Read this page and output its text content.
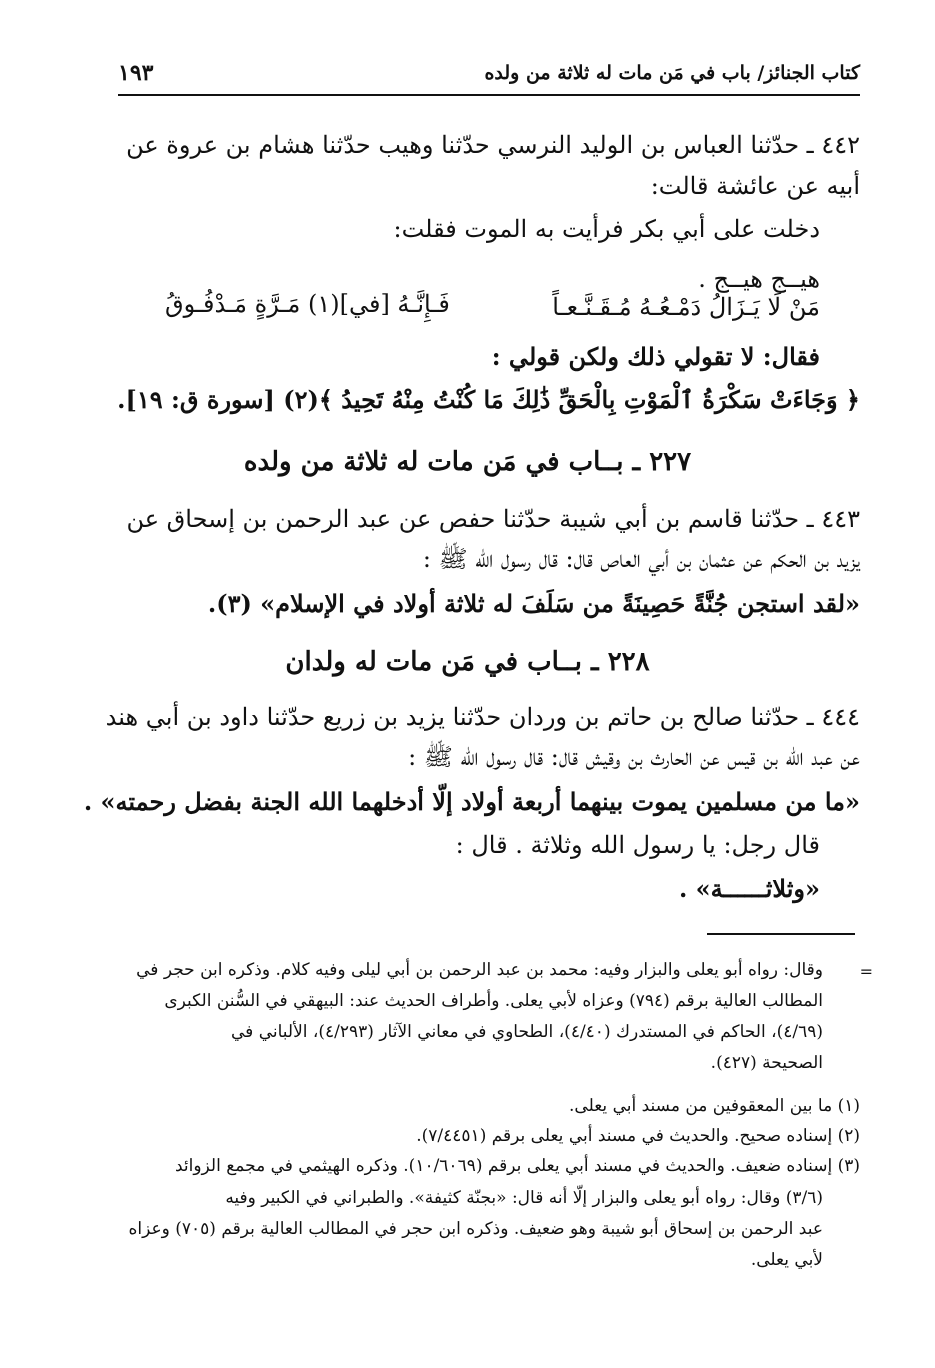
كتاب الجنائز/ باب في مَن مات له ثلاثة من ولده
١٩٣
٤٤٢ ـ حدّثنا العباس بن الوليد النرسي حدّثنا وهيب حدّثنا هشام بن عروة عن
أبيه عن عائشة قالت:
دخلت على أبي بكر فرأيت به الموت فقلت:
هيــج هيــج .
مَنْ لَا يَـزَالُ دَمْـعُـهُ مُـقَـنَّـعـاً
فَـإِنَّـهُ [في](١) مَـرَّةٍ مَـدْفُـوقُ
فقال: لا تقولي ذلك ولكن قولي :
﴿ وَجَاءَتْ سَكْرَةُ ٱلْمَوْتِ بِالْحَقِّ ذَٰلِكَ مَا كُنْتُ مِنْهُ تَحِيدُ ﴾(٢) [سورة ق: ١٩].
٢٢٧ ـ بــاب في مَن مات له ثلاثة من ولده
٤٤٣ ـ حدّثنا قاسم بن أبي شيبة حدّثنا حفص عن عبد الرحمن بن إسحاق عن
يزيد بن الحكم عن عثمان بن أبي العاص قال: قال رسول الله ﷺ :
«لقد استجن جُنَّةً حَصِينَةً من سَلَفَ له ثلاثة أولاد في الإسلام» (٣).
٢٢٨ ـ بــاب في مَن مات له ولدان
٤٤٤ ـ حدّثنا صالح بن حاتم بن وردان حدّثنا يزيد بن زريع حدّثنا داود بن أبي هند
عن عبد الله بن قيس عن الحارث بن وقيش قال: قال رسول الله ﷺ :
«ما من مسلمين يموت بينهما أربعة أولاد إلّا أدخلهما الله الجنة بفضل رحمته» .
قال رجل: يا رسول الله وثلاثة . قال :
«وثلاثــــــة» .
=
وقال: رواه أبو يعلى والبزار وفيه: محمد بن عبد الرحمن بن أبي ليلى وفيه كلام. وذكره ابن حجر في
المطالب العالية برقم (٧٩٤) وعزاه لأبي يعلى. وأطراف الحديث عند: البيهقي في السُّنن الكبرى
(٤/٦٩)، الحاكم في المستدرك (٤/٤٠)، الطحاوي في معاني الآثار (٤/٢٩٣)، الألباني في
الصحيحة (٤٢٧).
(١) ما بين المعقوفين من مسند أبي يعلى.
(٢) إسناده صحيح. والحديث في مسند أبي يعلى برقم (٧/٤٤٥١).
(٣) إسناده ضعيف. والحديث في مسند أبي يعلى برقم (١٠/٦٠٦٩). وذكره الهيثمي في مجمع الزوائد
(٣/٦) وقال: رواه أبو يعلى والبزار إلّا أنه قال: «بجنّة كثيفة». والطبراني في الكبير وفيه
عبد الرحمن بن إسحاق أبو شيبة وهو ضعيف. وذكره ابن حجر في المطالب العالية برقم (٧٠٥) وعزاه
لأبي يعلى.
